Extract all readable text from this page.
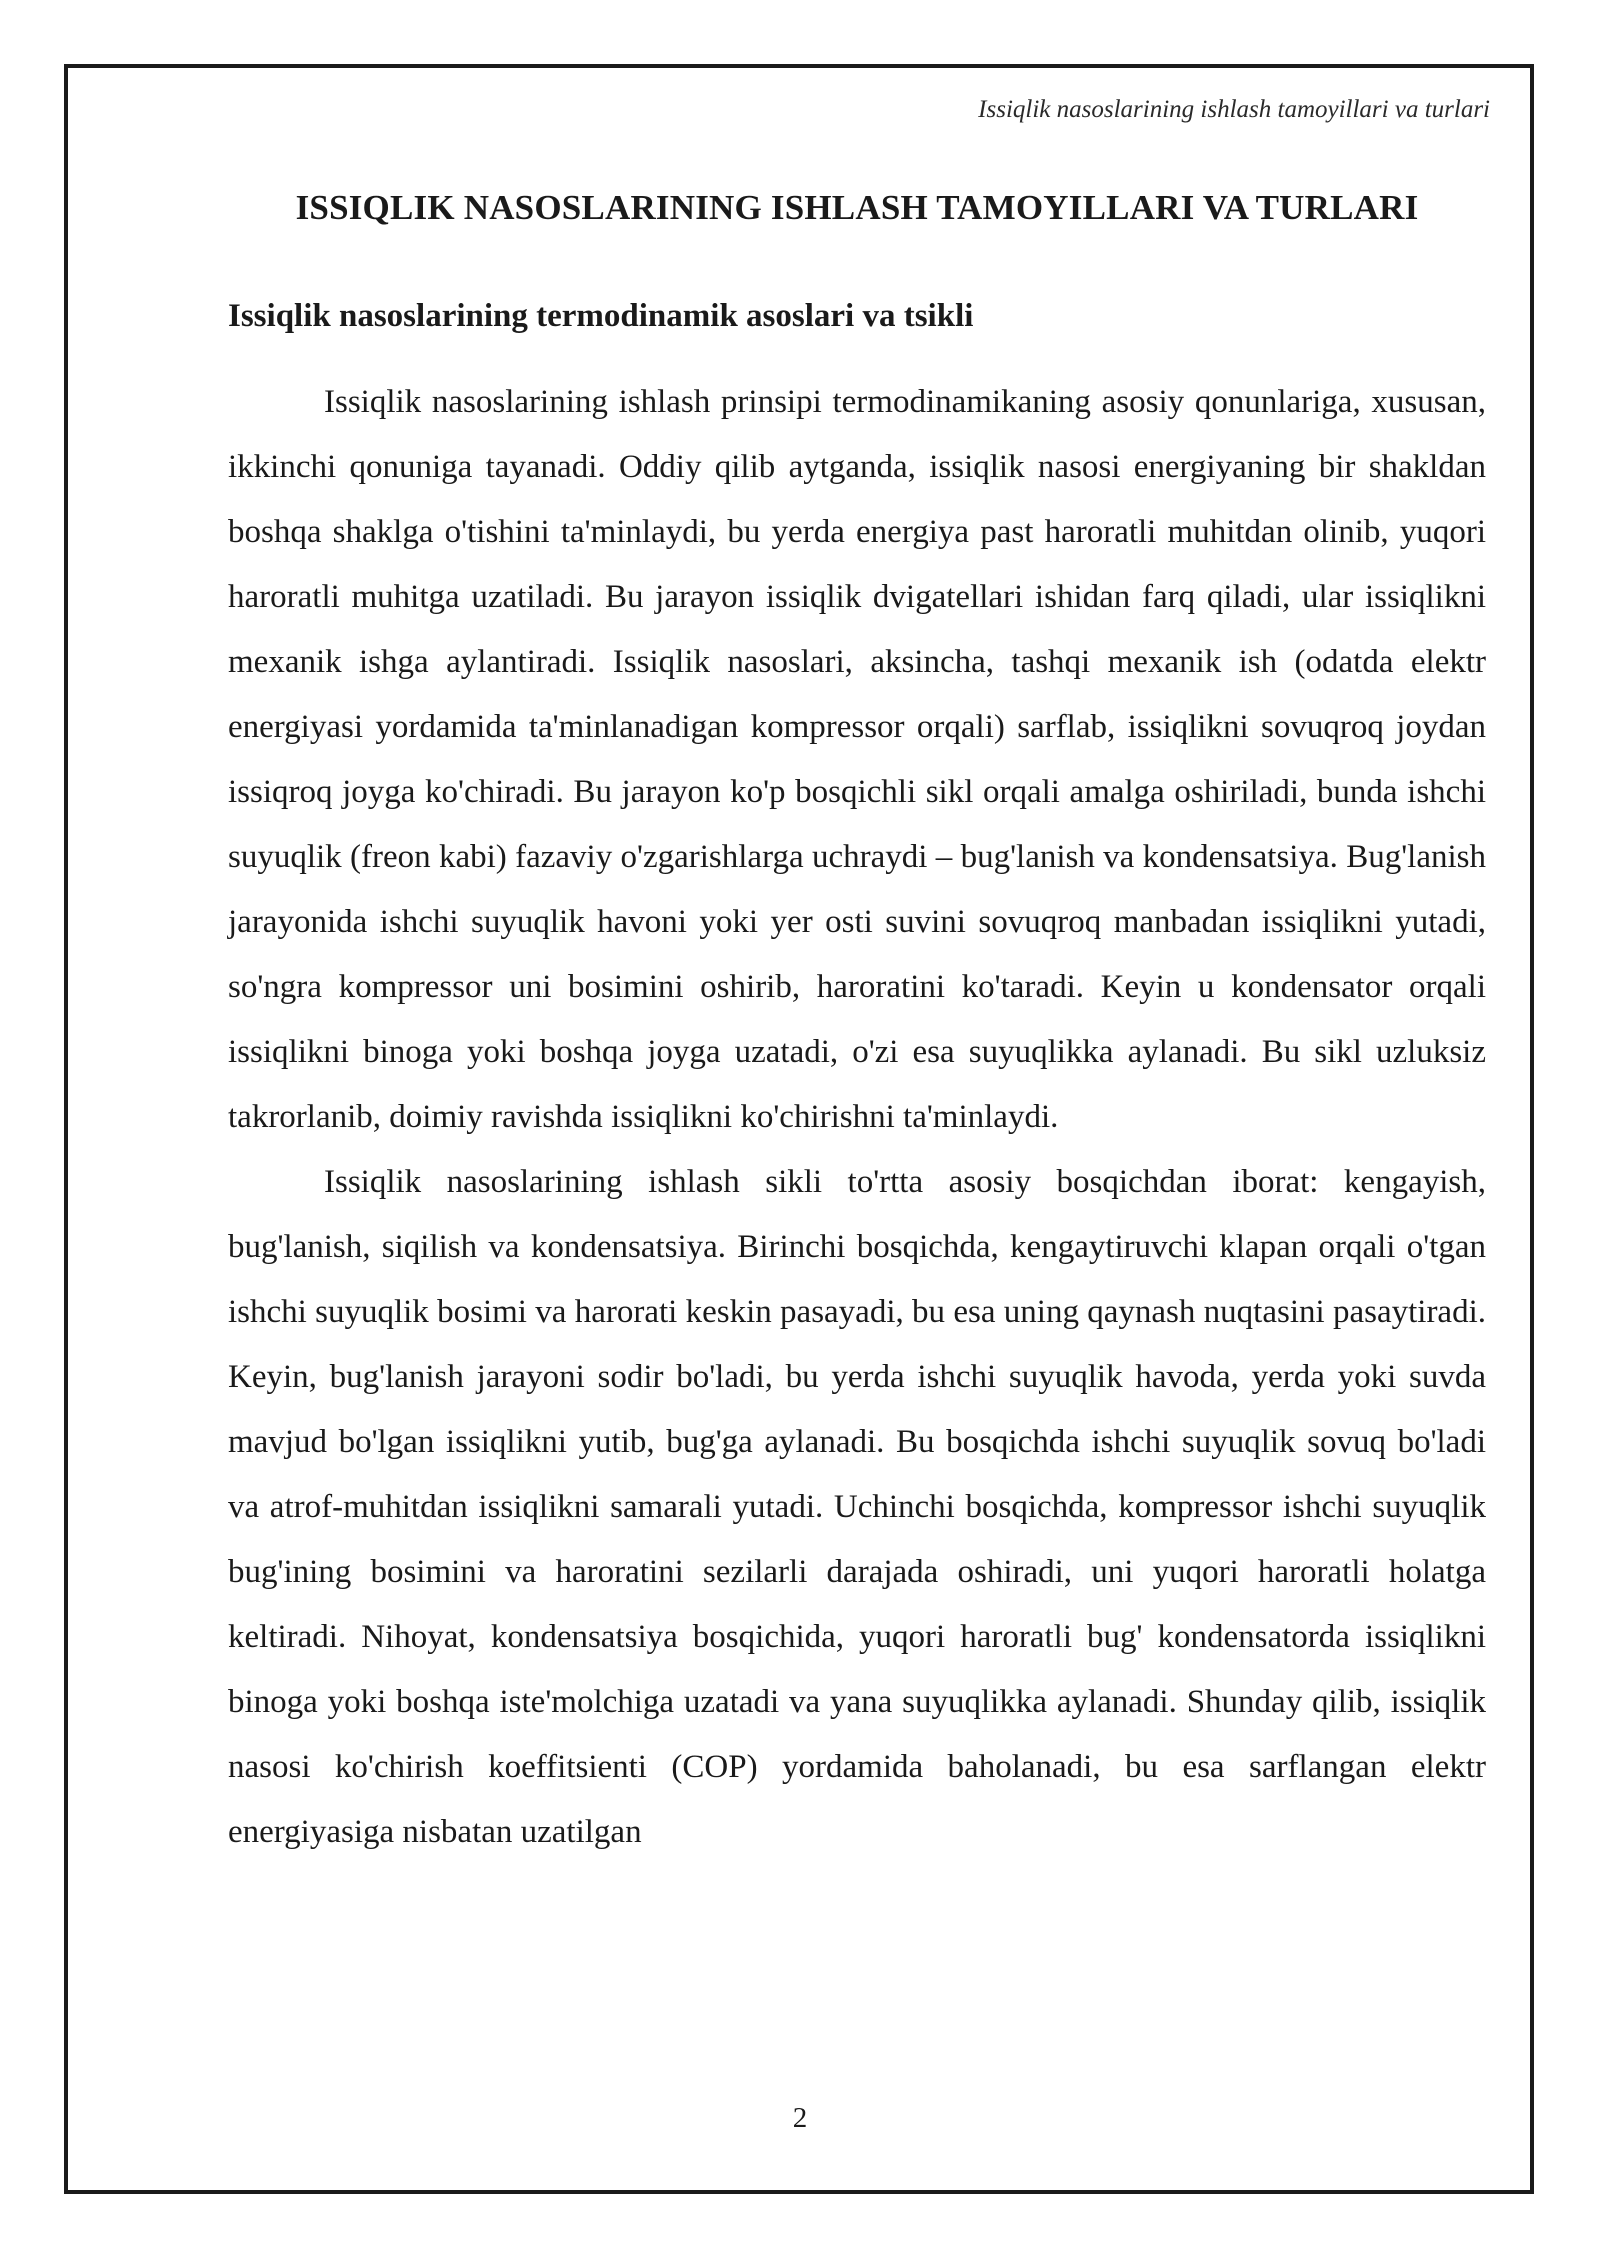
Issiqlik nasoslarining ishlash tamoyillari va turlari
ISSIQLIK NASOSLARINING ISHLASH TAMOYILLARI VA TURLARI
Issiqlik nasoslarining termodinamik asoslari va tsikli

Issiqlik nasoslarining ishlash prinsipi termodinamikaning asosiy qonunlariga, xususan, ikkinchi qonuniga tayanadi. Oddiy qilib aytganda, issiqlik nasosi energiyaning bir shakldan boshqa shaklga o'tishini ta'minlaydi, bu yerda energiya past haroratli muhitdan olinib, yuqori haroratli muhitga uzatiladi. Bu jarayon issiqlik dvigatellari ishidan farq qiladi, ular issiqlikni mexanik ishga aylantiradi. Issiqlik nasoslari, aksincha, tashqi mexanik ish (odatda elektr energiyasi yordamida ta'minlanadigan kompressor orqali) sarflab, issiqlikni sovuqroq joydan issiqroq joyga ko'chiradi. Bu jarayon ko'p bosqichli sikl orqali amalga oshiriladi, bunda ishchi suyuqlik (freon kabi) fazaviy o'zgarishlarga uchraydi – bug'lanish va kondensatsiya. Bug'lanish jarayonida ishchi suyuqlik havoni yoki yer osti suvini sovuqroq manbadan issiqlikni yutadi, so'ngra kompressor uni bosimini oshirib, haroratini ko'taradi. Keyin u kondensator orqali issiqlikni binoga yoki boshqa joyga uzatadi, o'zi esa suyuqlikka aylanadi. Bu sikl uzluksiz takrorlanib, doimiy ravishda issiqlikni ko'chirishni ta'minlaydi.

Issiqlik nasoslarining ishlash sikli to'rtta asosiy bosqichdan iborat: kengayish, bug'lanish, siqilish va kondensatsiya. Birinchi bosqichda, kengaytiruvchi klapan orqali o'tgan ishchi suyuqlik bosimi va harorati keskin pasayadi, bu esa uning qaynash nuqtasini pasaytiradi. Keyin, bug'lanish jarayoni sodir bo'ladi, bu yerda ishchi suyuqlik havoda, yerda yoki suvda mavjud bo'lgan issiqlikni yutib, bug'ga aylanadi. Bu bosqichda ishchi suyuqlik sovuq bo'ladi va atrof-muhitdan issiqlikni samarali yutadi. Uchinchi bosqichda, kompressor ishchi suyuqlik bug'ining bosimini va haroratini sezilarli darajada oshiradi, uni yuqori haroratli holatga keltiradi. Nihoyat, kondensatsiya bosqichida, yuqori haroratli bug' kondensatorda issiqlikni binoga yoki boshqa iste'molchiga uzatadi va yana suyuqlikka aylanadi. Shunday qilib, issiqlik nasosi ko'chirish koeffitsienti (COP) yordamida baholanadi, bu esa sarflangan elektr energiyasiga nisbatan uzatilgan

2
